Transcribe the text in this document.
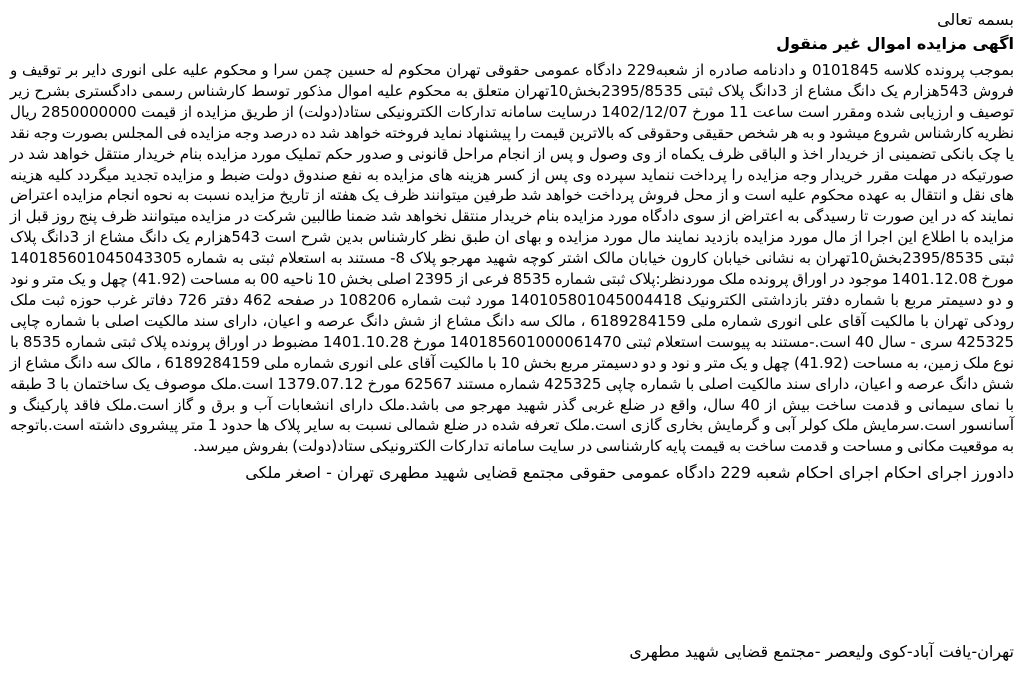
بسمه تعالی
اگهی مزایده اموال غیر منقول
بموجب پرونده کلاسه 0101845 و دادنامه صادره از شعبه229 دادگاه عمومی حقوقی تهران محکوم له حسین چمن سرا و محکوم علیه علی انوری دایر بر توقیف و فروش 543هزارم یک دانگ مشاع از 3دانگ پلاک ثبتی 2395/8535بخش10تهران متعلق به محکوم علیه اموال مذکور توسط کارشناس رسمی دادگستری بشرح زیر توصیف و ارزیابی شده ومقرر است ساعت 11 مورخ 1402/12/07 درسایت سامانه تدارکات الکترونیکی ستاد(دولت) از طریق مزایده از قیمت 2850000000 ریال نظریه کارشناس شروع میشود و به هر شخص حقیقی وحقوقی که بالاترین قیمت را پیشنهاد نماید فروخته خواهد شد ده درصد وجه مزایده فی المجلس بصورت وجه نقد یا چک بانکی تضمینی از خریدار اخذ و الباقی ظرف یکماه از وی وصول و پس از انجام مراحل قانونی و صدور حکم تملیک مورد مزایده بنام خریدار منتقل خواهد شد در صورتیکه در مهلت مقرر خریدار وجه مزایده را پرداخت ننماید سپرده وی پس از کسر هزینه های مزایده به نفع صندوق دولت ضبط و مزایده تجدید میگردد کلیه هزینه های نقل و انتقال به عهده محکوم علیه است و از محل فروش پرداخت خواهد شد طرفین میتوانند ظرف یک هفته از تاریخ مزایده نسبت به نحوه انجام مزایده اعتراض نمایند که در این صورت تا رسیدگی به اعتراض از سوی دادگاه مورد مزایده بنام خریدار منتقل نخواهد شد ضمنا طالبین شرکت در مزایده میتوانند ظرف پنج روز قبل از مزایده با اطلاع این اجرا از مال مورد مزایده بازدید نمایند مال مورد مزایده و بهای ان طبق نظر کارشناس بدین شرح است 543هزارم یک دانگ مشاع از 3دانگ پلاک ثبتی 2395/8535بخش10تهران به نشانی خیابان کارون خیابان مالک اشتر کوچه شهید مهرجو پلاک 8- مستند به استعلام ثبتی به شماره 140185601045043305 مورخ 1401.12.08 موجود در اوراق پرونده ملک موردنظر:پلاک ثبتی شماره 8535 فرعی از 2395 اصلی بخش 10 ناحیه 00 به مساحت (41.92) چهل و یک متر و نود و دو دسیمتر مربع با شماره دفتر بازداشتی الکترونیک 140105801045004418 مورد ثبت شماره 108206 در صفحه 462 دفتر 726 دفاتر غرب حوزه ثبت ملک رودکی تهران با مالکیت آقای علی انوری شماره ملی 6189284159 ، مالک سه دانگ مشاع از شش دانگ عرصه و اعیان، دارای سند مالکیت اصلی با شماره چاپی 425325 سری - سال 40 است.-مستند به پیوست استعلام ثبتی 140185601000061470 مورخ 1401.10.28 مضبوط در اوراق پرونده پلاک ثبتی شماره 8535 با نوع ملک زمین، به مساحت (41.92) چهل و یک متر و نود و دو دسیمتر مربع بخش 10 با مالکیت آقای علی انوری شماره ملی 6189284159 ، مالک سه دانگ مشاع از شش دانگ عرصه و اعیان، دارای سند مالکیت اصلی با شماره چاپی 425325 شماره مستند 62567 مورخ 1379.07.12 است.ملک موصوف یک ساختمان با 3 طبقه با نمای سیمانی و قدمت ساخت بیش از 40 سال، واقع در ضلع غربی گذر شهید مهرجو می باشد.ملک دارای انشعابات آب و برق و گاز است.ملک فاقد پارکینگ و آسانسور است.سرمایش ملک کولر آبی و گرمایش بخاری گازی است.ملک تعرفه شده در ضلع شمالی نسبت به سایر پلاک ها حدود 1 متر پیشروی داشته است.باتوجه به موقعیت مکانی و مساحت و قدمت ساخت به قیمت پایه کارشناسی در سایت سامانه تدارکات الکترونیکی ستاد(دولت) بفروش میرسد.
دادورز اجرای احکام اجرای احکام شعبه 229 دادگاه عمومی حقوقی مجتمع قضایی شهید مطهری تهران - اصغر ملکی
تهران-یافت آباد-کوی ولیعصر -مجتمع قضایی شهید مطهری
